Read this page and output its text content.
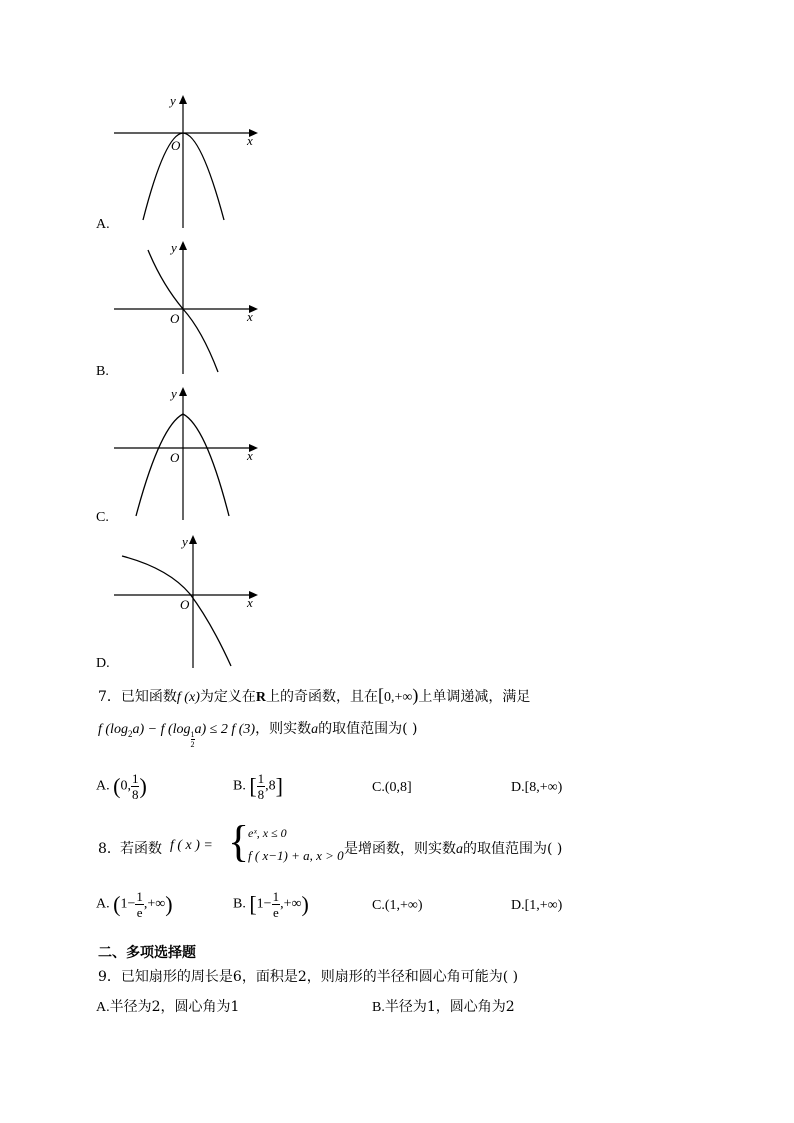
x
y
O
A.
x
y
O
B.
x
y
O
C.
x
y
O
D.
7．已知函数f (x)为定义在R上的奇函数，且在[0,+∞)上单调递减，满足
f $(\log_2a) - f$ (log
$\frac{1}{2}$
a) ≤ 2 f (3)，则实数a的取值范围为( )
A. (0, $\frac{1}{8}$ )	B. [ $\frac{1}{8} ,8$]	C.(0,8]	D.[8,+∞)
8． 若函数 f ( x ) = {
eˣ, x ≤ 0
f ( x−1) + a, x > 0 是增函数，则实数a的取值范围为( )
A. ($1- \frac{1}{e}$ ,+∞)	B. [$1- \frac{1}{e}$ ,+∞)	C.(1,+∞)	D.[1,+∞)
二、多项选择题
9．已知扇形的周长是6，面积是2，则扇形的半径和圆心角可能为( )
A.半径为2，圆心角为1	B.半径为1，圆心角为2
